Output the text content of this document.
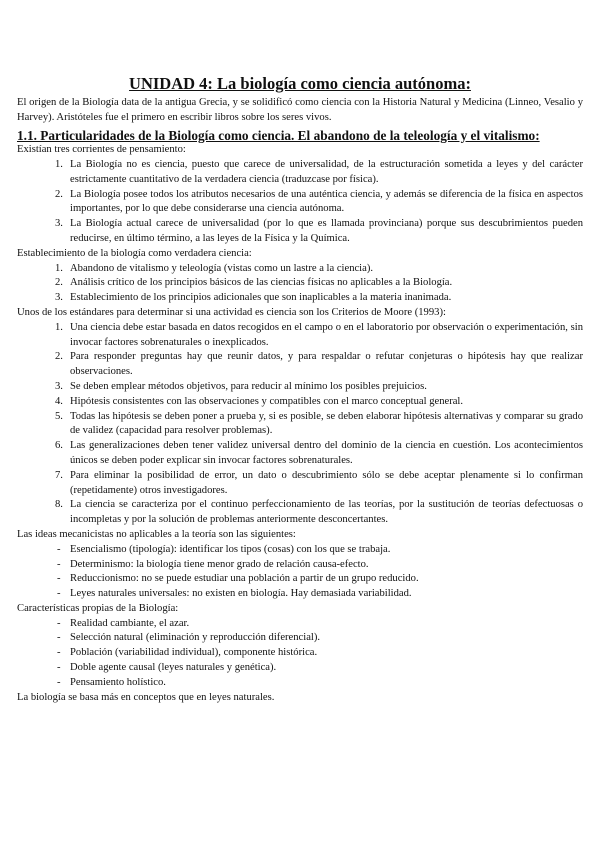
UNIDAD 4: La biología como ciencia autónoma:

El origen de la Biología data de la antigua Grecia, y se solidificó como ciencia con la Historia Natural y Medicina (Linneo, Vesalio y Harvey). Aristóteles fue el primero en escribir libros sobre los seres vivos.

1.1. Particularidades de la Biología como ciencia. El abandono de la teleología y el vitalismo:

Existían tres corrientes de pensamiento:

1. La Biología no es ciencia, puesto que carece de universalidad, de la estructuración sometida a leyes y del carácter estrictamente cuantitativo de la verdadera ciencia (traduzcase por física).
2. La Biología posee todos los atributos necesarios de una auténtica ciencia, y además se diferencia de la física en aspectos importantes, por lo que debe considerarse una ciencia autónoma.
3. La Biología actual carece de universalidad (por lo que es llamada provinciana) porque sus descubrimientos pueden reducirse, en último término, a las leyes de la Física y la Química.

Establecimiento de la biología como verdadera ciencia:

1. Abandono de vitalismo y teleología (vistas como un lastre a la ciencia).
2. Análisis crítico de los principios básicos de las ciencias físicas no aplicables a la Biología.
3. Establecimiento de los principios adicionales que son inaplicables a la materia inanimada.

Unos de los estándares para determinar si una actividad es ciencia son los Criterios de Moore (1993):

1. Una ciencia debe estar basada en datos recogidos en el campo o en el laboratorio por observación o experimentación, sin invocar factores sobrenaturales o inexplicados.
2. Para responder preguntas hay que reunir datos, y para respaldar o refutar conjeturas o hipótesis hay que realizar observaciones.
3. Se deben emplear métodos objetivos, para reducir al mínimo los posibles prejuicios.
4. Hipótesis consistentes con las observaciones y compatibles con el marco conceptual general.
5. Todas las hipótesis se deben poner a prueba y, si es posible, se deben elaborar hipótesis alternativas y comparar su grado de validez (capacidad para resolver problemas).
6. Las generalizaciones deben tener validez universal dentro del dominio de la ciencia en cuestión. Los acontecimientos únicos se deben poder explicar sin invocar factores sobrenaturales.
7. Para eliminar la posibilidad de error, un dato o descubrimiento sólo se debe aceptar plenamente si lo confirman (repetidamente) otros investigadores.
8. La ciencia se caracteriza por el continuo perfeccionamiento de las teorías, por la sustitución de teorías defectuosas o incompletas y por la solución de problemas anteriormente desconcertantes.

Las ideas mecanicistas no aplicables a la teoría son las siguientes:

- Esencialismo (tipología): identificar los tipos (cosas) con los que se trabaja.
- Determinismo: la biología tiene menor grado de relación causa-efecto.
- Reduccionismo: no se puede estudiar una población a partir de un grupo reducido.
- Leyes naturales universales: no existen en biología. Hay demasiada variabilidad.

Características propias de la Biología:

- Realidad cambiante, el azar.
- Selección natural (eliminación y reproducción diferencial).
- Población (variabilidad individual), componente histórica.
- Doble agente causal (leyes naturales y genética).
- Pensamiento holístico.

La biología se basa más en conceptos que en leyes naturales.
